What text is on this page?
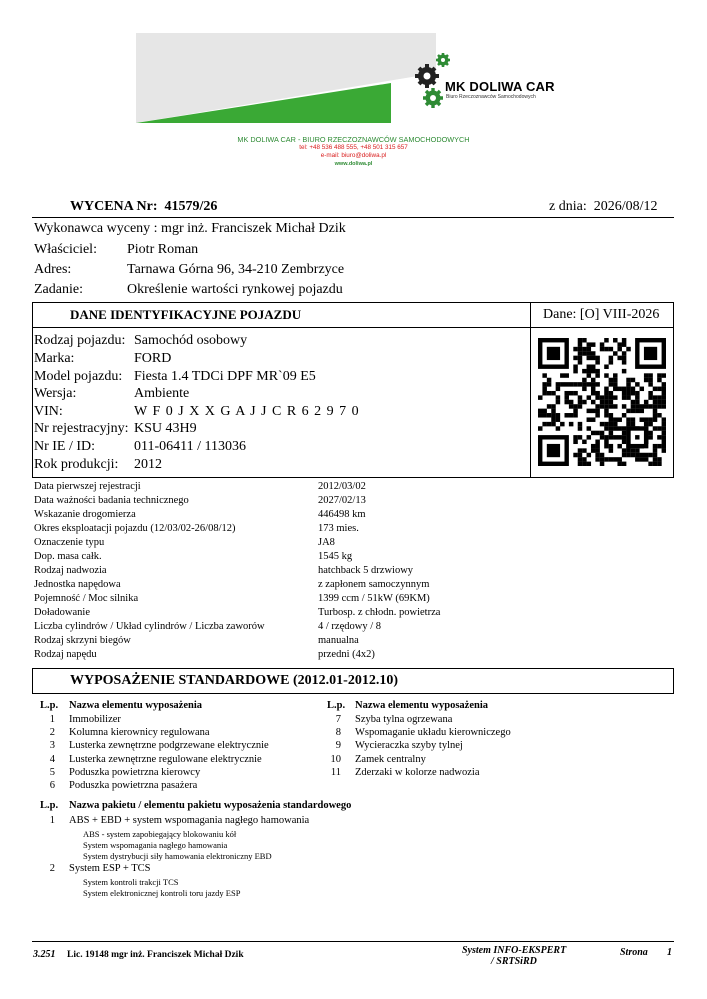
MK DOLIWA CAR
Biuro Rzeczoznawców Samochodowych
MK DOLIWA CAR - BIURO RZECZOZNAWCÓW SAMOCHODOWYCH
tel: +48 536 488 555, +48 501 315 657
e-mail: biuro@doliwa.pl
www.doliwa.pl
WYCENA Nr: 41579/26	z dnia: 2026/08/12
Wykonawca wyceny : mgr inż. Franciszek Michał Dzik
Właściciel: Piotr Roman
Adres:	Tarnawa Górna 96, 34-210 Zembrzyce
Zadanie:	Określenie wartości rynkowej pojazdu
DANE IDENTYFIKACYJNE POJAZDU	Dane: [O] VIII-2026
Rodzaj pojazdu: Samochód osobowy
Marka:	FORD
Model pojazdu: Fiesta 1.4 TDCi DPF MR`09 E5
Wersja:	Ambiente
VIN:	W F 0 J X X G A J J C R 6 2 9 7 0
Nr rejestracyjny: KSU 43H9
Nr IE / ID:	011-06411 / 113036
Rok produkcji: 2012
Data pierwszej rejestracji	2012/03/02
Data ważności badania technicznego	2027/02/13
Wskazanie drogomierza	446498 km
Okres eksploatacji pojazdu (12/03/02-26/08/12)	173 mies.
Oznaczenie typu	JA8
Dop. masa całk.	1545 kg
Rodzaj nadwozia	hatchback 5 drzwiowy
Jednostka napędowa	z zapłonem samoczynnym
Pojemność / Moc silnika	1399 ccm / 51kW (69KM)
Doładowanie	Turbosp. z chłodn. powietrza
Liczba cylindrów / Układ cylindrów / Liczba zaworów	4 / rzędowy / 8
Rodzaj skrzyni biegów	manualna
Rodzaj napędu	przedni (4x2)
WYPOSAŻENIE STANDARDOWE (2012.01-2012.10)
L.p. Nazwa elementu wyposażenia	L.p. Nazwa elementu wyposażenia
1 Immobilizer
2 Kolumna kierownicy regulowana
3 Lusterka zewnętrzne podgrzewane elektrycznie
4 Lusterka zewnętrzne regulowane elektrycznie
5 Poduszka powietrzna kierowcy
6 Poduszka powietrzna pasażera
7 Szyba tylna ogrzewana
8 Wspomaganie układu kierowniczego
9 Wycieraczka szyby tylnej
10 Zamek centralny
11 Zderzaki w kolorze nadwozia
L.p. Nazwa pakietu / elementu pakietu wyposażenia standardowego
1 ABS + EBD + system wspomagania nagłego hamowania
ABS - system zapobiegający blokowaniu kół
System wspomagania nagłego hamowania
System dystrybucji siły hamowania elektroniczny EBD
2 System ESP + TCS
System kontroli trakcji TCS
System elektronicznej kontroli toru jazdy ESP
3.251 Lic. 19148 mgr inż. Franciszek Michał Dzik	System INFO-EKSPERT
/ SRTSiRD
Strona 1
